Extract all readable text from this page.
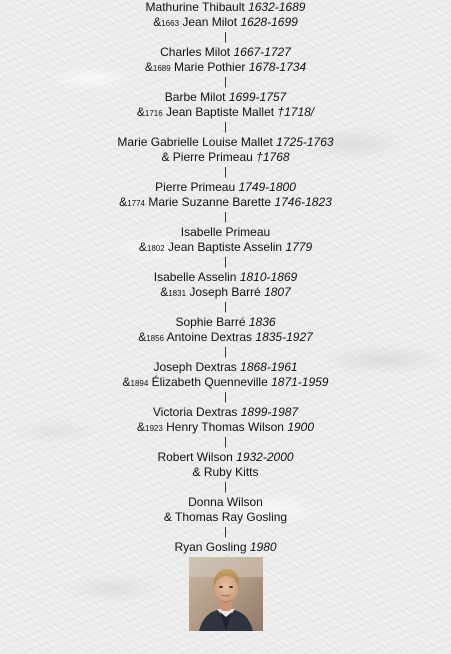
Mathurine Thibault 1632-1689
&1663 Jean Milot 1628-1699
|
Charles Milot 1667-1727
&1689 Marie Pothier 1678-1734
|
Barbe Milot 1699-1757
&1716 Jean Baptiste Mallet †1718/
|
Marie Gabrielle Louise Mallet 1725-1763
& Pierre Primeau †1768
|
Pierre Primeau 1749-1800
&1774 Marie Suzanne Barette 1746-1823
|
Isabelle Primeau
&1802 Jean Baptiste Asselin 1779
|
Isabelle Asselin 1810-1869
&1831 Joseph Barré 1807
|
Sophie Barré 1836
&1856 Antoine Dextras 1835-1927
|
Joseph Dextras 1868-1961
&1894 Élizabeth Quenneville 1871-1959
|
Victoria Dextras 1899-1987
&1923 Henry Thomas Wilson 1900
|
Robert Wilson 1932-2000
& Ruby Kitts
|
Donna Wilson
& Thomas Ray Gosling
|
Ryan Gosling 1980
